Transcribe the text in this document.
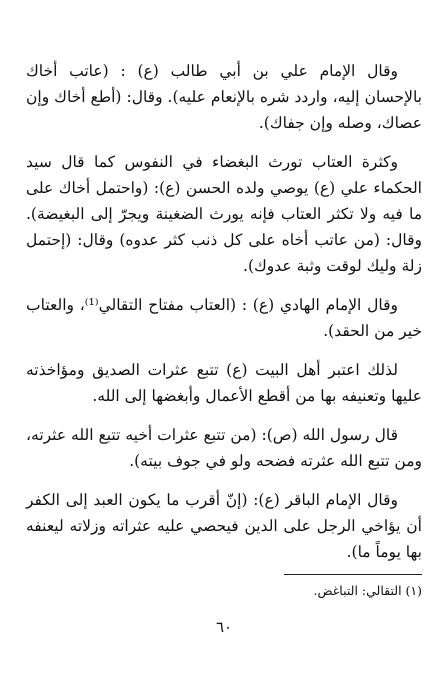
وقال الإمام علي بن أبي طالب (ع) : (عاتب أخاك بالإحسان إليه، واردد شره بالإنعام عليه). وقال: (أطع أخاك وإن عصاك، وصله وإن جفاك).

وكثرة العتاب تورث البغضاء في النفوس كما قال سيد الحكماء علي (ع) يوصي ولده الحسن (ع): (واحتمل أخاك على ما فيه ولا تكثر العتاب فإنه يورث الضغينة ويجرّ إلى البغيضة). وقال: (من عاتب أخاه على كل ذنب كثر عدوه) وقال: (إحتمل زلة وليك لوقت وثبة عدوك).

وقال الإمام الهادي (ع) : (العتاب مفتاح التقالي⁽¹⁾، والعتاب خير من الحقد).

لذلك اعتبر أهل البيت (ع) تتبع عثرات الصديق ومؤاخذته عليها وتعنيفه بها من أقطع الأعمال وأبغضها إلى الله.

قال رسول الله (ص): (من تتبع عثرات أخيه تتبع الله عثرته، ومن تتبع الله عثرته فضحه ولو في جوف بيته).

وقال الإمام الباقر (ع): (إنّ أقرب ما يكون العبد إلى الكفر أن يؤاخي الرجل على الدين فيحصي عليه عثراته وزلاته ليعنفه بها يوماً ما).

(١) التقالي: التباغض.
٦٠
